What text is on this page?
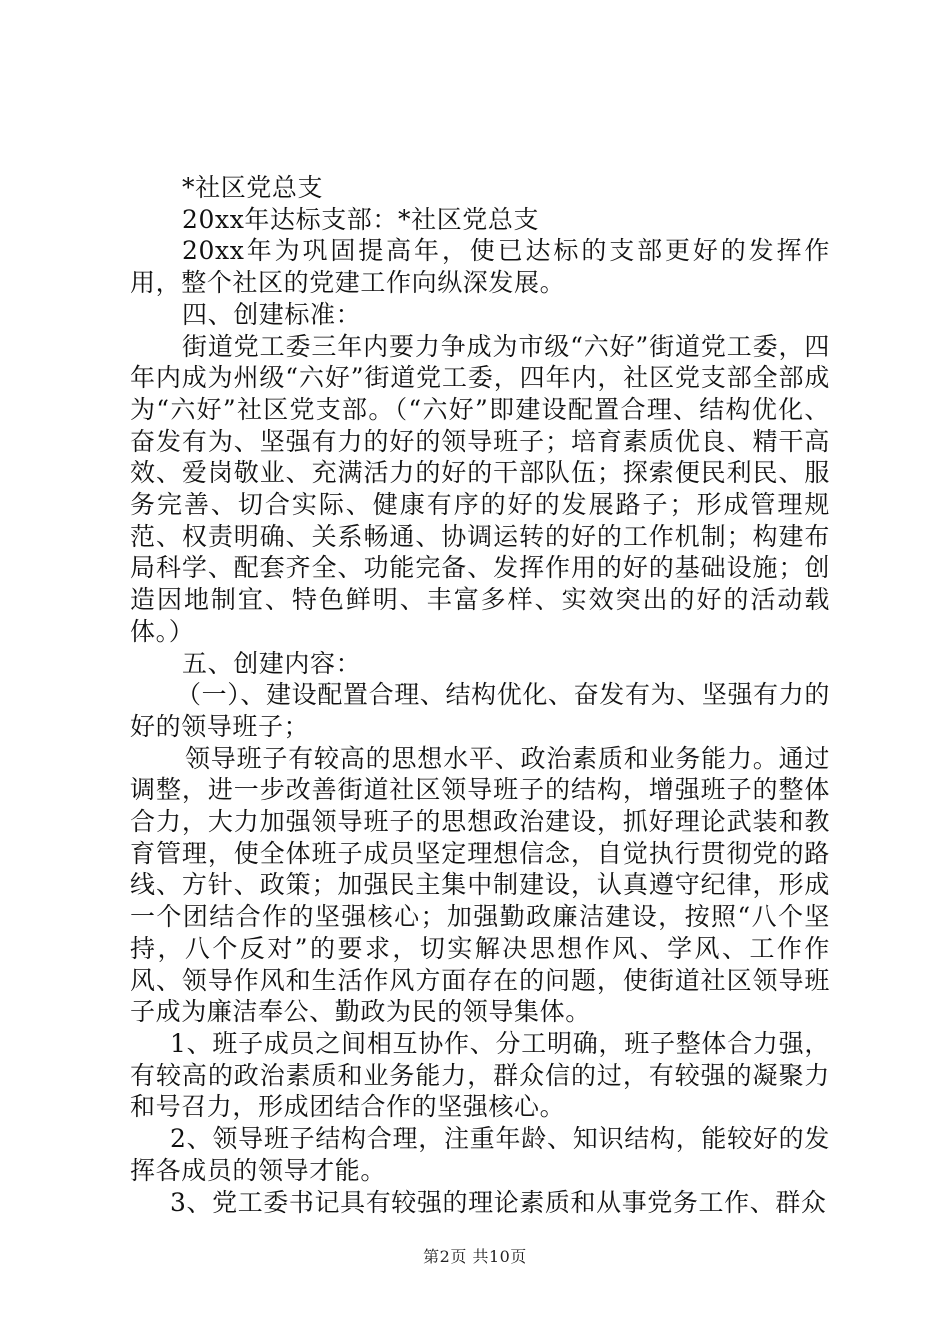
*社区党总支

20xx年达标支部：*社区党总支

20xx年为巩固提高年，使已达标的支部更好的发挥作用，整个社区的党建工作向纵深发展。

四、创建标准：

街道党工委三年内要力争成为市级“六好”街道党工委，四年内成为州级“六好”街道党工委，四年内，社区党支部全部成为“六好”社区党支部。（“六好”即建设配置合理、结构优化、奋发有为、坚强有力的好的领导班子；培育素质优良、精干高效、爱岗敬业、充满活力的好的干部队伍；探索便民利民、服务完善、切合实际、健康有序的好的发展路子；形成管理规范、权责明确、关系畅通、协调运转的好的工作机制；构建布局科学、配套齐全、功能完备、发挥作用的好的基础设施；创造因地制宜、特色鲜明、丰富多样、实效突出的好的活动载体。）

五、创建内容：

（一）、建设配置合理、结构优化、奋发有为、坚强有力的好的领导班子；

领导班子有较高的思想水平、政治素质和业务能力。通过调整，进一步改善街道社区领导班子的结构，增强班子的整体合力，大力加强领导班子的思想政治建设，抓好理论武装和教育管理，使全体班子成员坚定理想信念，自觉执行贯彻党的路线、方针、政策；加强民主集中制建设，认真遵守纪律，形成一个团结合作的坚强核心；加强勤政廉洁建设，按照“八个坚持，八个反对”的要求，切实解决思想作风、学风、工作作风、领导作风和生活作风方面存在的问题，使街道社区领导班子成为廉洁奉公、勤政为民的领导集体。

1、班子成员之间相互协作、分工明确，班子整体合力强，有较高的政治素质和业务能力，群众信的过，有较强的凝聚力和号召力，形成团结合作的坚强核心。

2、领导班子结构合理，注重年龄、知识结构，能较好的发挥各成员的领导才能。

3、党工委书记具有较强的理论素质和从事党务工作、群众

第2页 共10页
